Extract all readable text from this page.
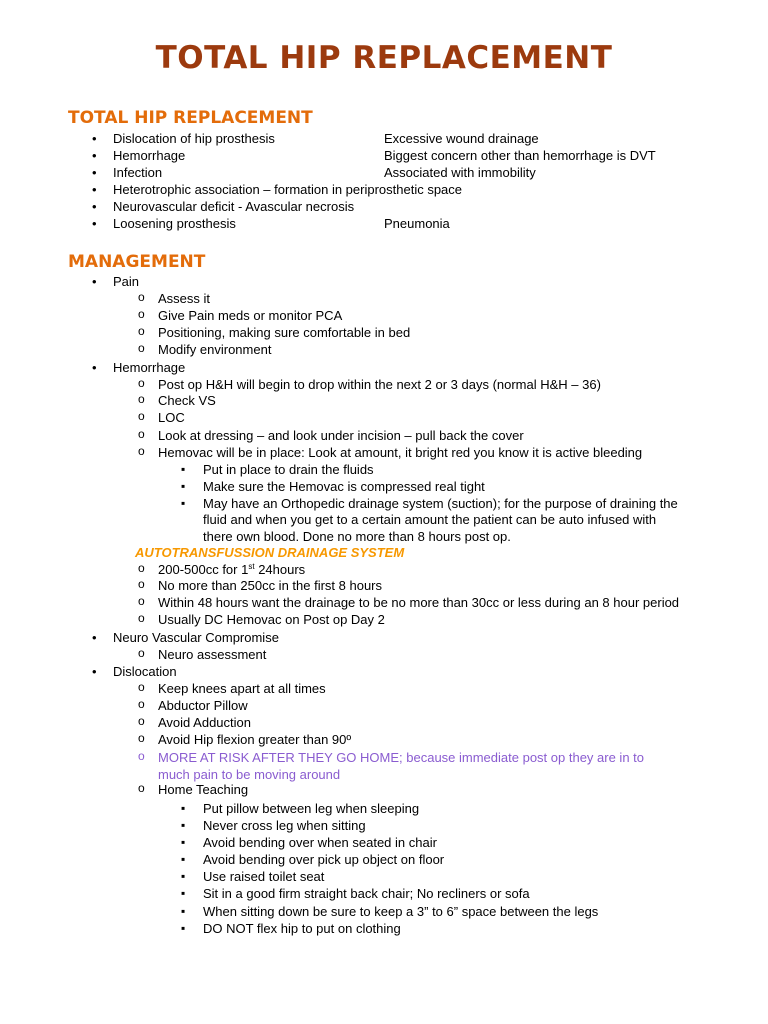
TOTAL HIP REPLACEMENT
TOTAL HIP REPLACEMENT
• Dislocation of hip prosthesis	Excessive wound drainage
• Hemorrhage	Biggest concern other than hemorrhage is DVT
• Infection	Associated with immobility
• Heterotrophic association – formation in periprosthetic space
• Neurovascular deficit - Avascular necrosis
• Loosening prosthesis	Pneumonia
MANAGEMENT
• Pain
o Assess it
o Give Pain meds or monitor PCA
o Positioning, making sure comfortable in bed
o Modify environment
• Hemorrhage
o Post op H&H will begin to drop within the next 2 or 3 days (normal H&H – 36)
o Check VS
o LOC
o Look at dressing – and look under incision – pull back the cover
o Hemovac will be in place: Look at amount, it bright red you know it is active bleeding
▪ Put in place to drain the fluids
▪ Make sure the Hemovac is compressed real tight
▪ May have an Orthopedic drainage system (suction); for the purpose of draining the
fluid and when you get to a certain amount the patient can be auto infused with
there own blood. Done no more than 8 hours post op.
AUTOTRANSFUSSION DRAINAGE SYSTEM
o 200-500cc for 1st 24hours
o No more than 250cc in the first 8 hours
o Within 48 hours want the drainage to be no more than 30cc or less during an 8 hour period
o Usually DC Hemovac on Post op Day 2
• Neuro Vascular Compromise
o Neuro assessment
• Dislocation
o Keep knees apart at all times
o Abductor Pillow
o Avoid Adduction
o Avoid Hip flexion greater than 90º
o MORE AT RISK AFTER THEY GO HOME; because immediate post op they are in to
much pain to be moving around
o Home Teaching
▪ Put pillow between leg when sleeping
▪ Never cross leg when sitting
▪ Avoid bending over when seated in chair
▪ Avoid bending over pick up object on floor
▪ Use raised toilet seat
▪ Sit in a good firm straight back chair; No recliners or sofa
▪ When sitting down be sure to keep a 3” to 6” space between the legs
▪ DO NOT flex hip to put on clothing
